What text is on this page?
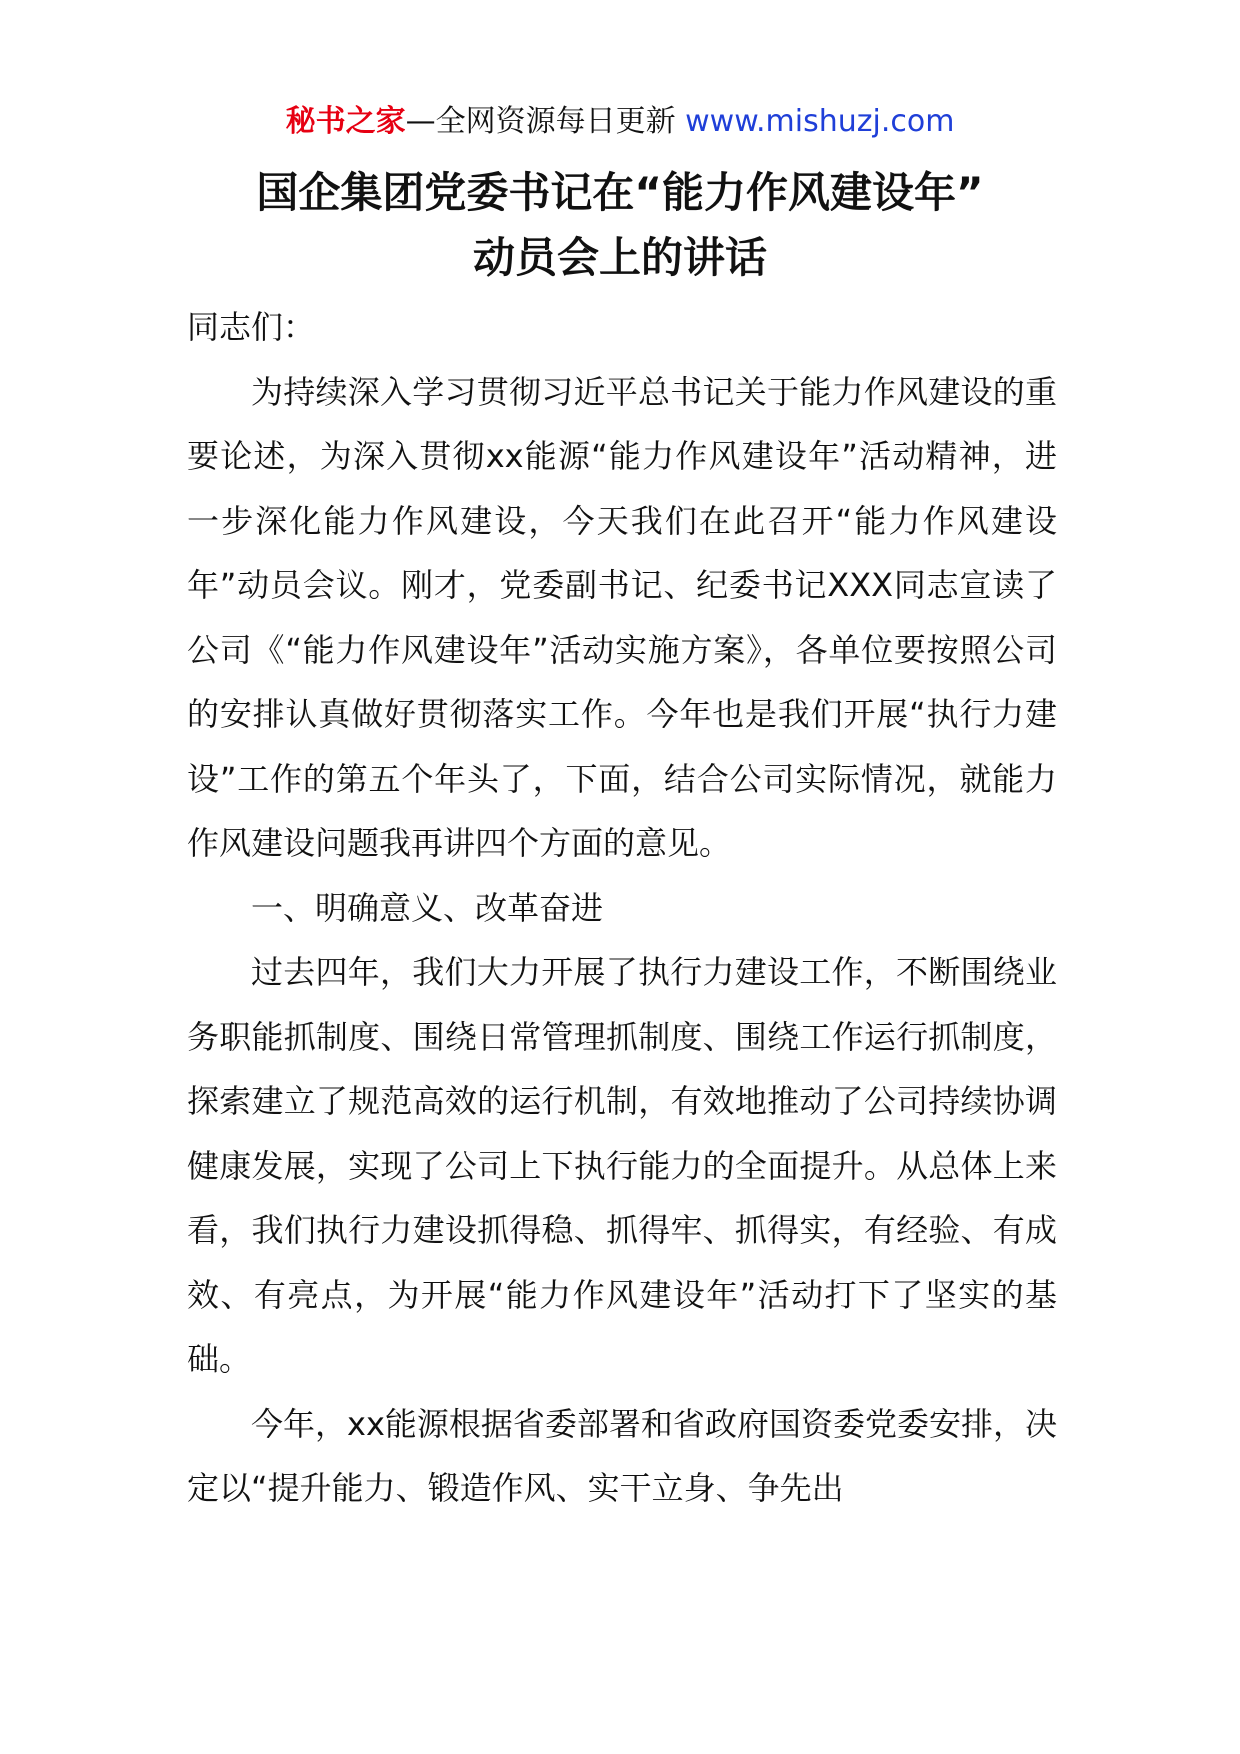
秘书之家—全网资源每日更新 www.mishuzj.com
国企集团党委书记在“能力作风建设年”
动员会上的讲话

同志们：

为持续深入学习贯彻习近平总书记关于能力作风建设的重要论述，为深入贯彻xx能源“能力作风建设年”活动精神，进一步深化能力作风建设，今天我们在此召开“能力作风建设年”动员会议。刚才，党委副书记、纪委书记XXX同志宣读了公司《“能力作风建设年”活动实施方案》，各单位要按照公司的安排认真做好贯彻落实工作。今年也是我们开展“执行力建设”工作的第五个年头了，下面，结合公司实际情况，就能力作风建设问题我再讲四个方面的意见。

一、明确意义、改革奋进

过去四年，我们大力开展了执行力建设工作，不断围绕业务职能抓制度、围绕日常管理抓制度、围绕工作运行抓制度，探索建立了规范高效的运行机制，有效地推动了公司持续协调健康发展，实现了公司上下执行能力的全面提升。从总体上来看，我们执行力建设抓得稳、抓得牢、抓得实，有经验、有成效、有亮点，为开展“能力作风建设年”活动打下了坚实的基础。

今年，xx能源根据省委部署和省政府国资委党委安排，决定以“提升能力、锻造作风、实干立身、争先出
